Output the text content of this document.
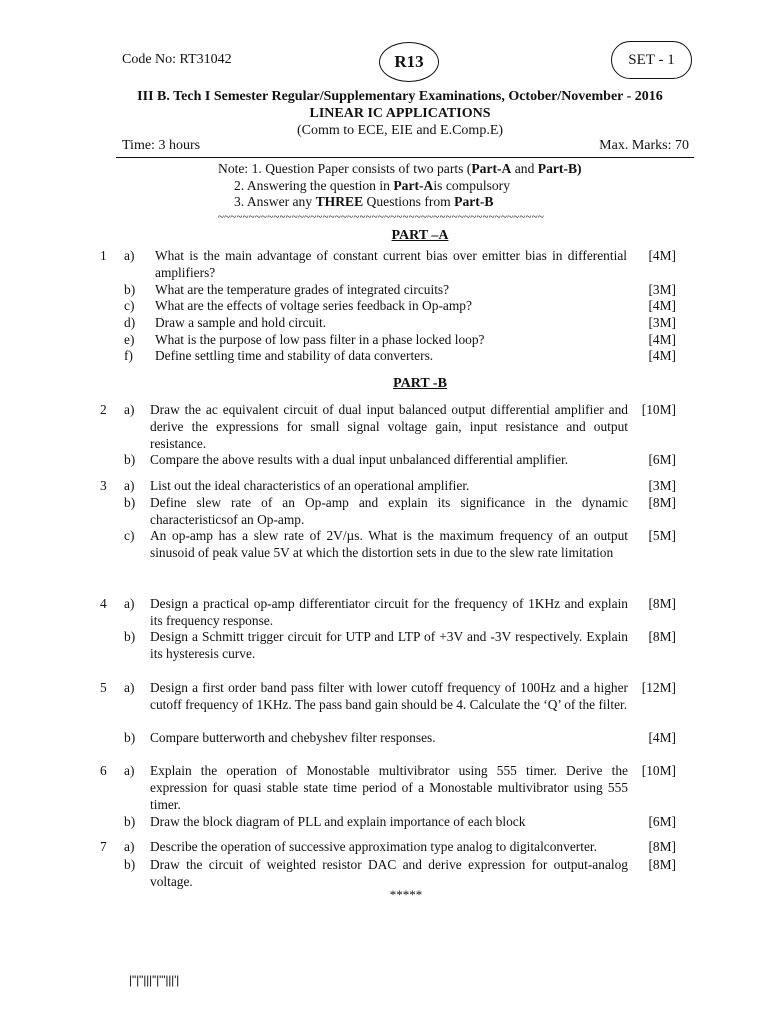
Code No: RT31042	R13	SET - 1
III B. Tech I Semester Regular/Supplementary Examinations, October/November - 2016
LINEAR IC APPLICATIONS
(Comm to ECE, EIE and E.Comp.E)
Time: 3 hours	Max. Marks: 70
Note: 1. Question Paper consists of two parts (Part-A and Part-B)
2. Answering the question in Part-Ais compulsory
3. Answer any THREE Questions from Part-B
~~~~~~~~~~~~~~~~~~~~~~~~~~~~~~~~~~~~~~~~~~~~~~~~~~~~~
PART –A
1 a) What is the main advantage of constant current bias over emitter bias in differential amplifiers?
[4M]
b) What are the temperature grades of integrated circuits?	[3M]
c) What are the effects of voltage series feedback in Op-amp?	[4M]
d) Draw a sample and hold circuit.	[3M]
e) What is the purpose of low pass filter in a phase locked loop?	[4M]
f) Define settling time and stability of data converters.	[4M]
PART -B
2 a) Draw the ac equivalent circuit of dual input balanced output differential amplifier and derive the expressions for small signal voltage gain, input resistance and output resistance.
[10M]
b) Compare the above results with a dual input unbalanced differential amplifier.	[6M]
3 a) List out the ideal characteristics of an operational amplifier.	[3M]
b) Define slew rate of an Op-amp and explain its significance in the dynamic characteristicsof an Op-amp.
[8M]
c) An op-amp has a slew rate of 2V/µs. What is the maximum frequency of an output sinusoid of peak value 5V at which the distortion sets in due to the slew rate limitation
[5M]
4 a) Design a practical op-amp differentiator circuit for the frequency of 1KHz and explain its frequency response.
[8M]
b) Design a Schmitt trigger circuit for UTP and LTP of +3V and -3V respectively. Explain its hysteresis curve.
[8M]
5 a) Design a first order band pass filter with lower cutoff frequency of 100Hz and a higher cutoff frequency of 1KHz. The pass band gain should be 4. Calculate the ‘Q’ of the filter.
[12M]
b) Compare butterworth and chebyshev filter responses.	[4M]
6 a) Explain the operation of Monostable multivibrator using 555 timer. Derive the expression for quasi stable state time period of a Monostable multivibrator using 555 timer.
[10M]
b) Draw the block diagram of PLL and explain importance of each block	[6M]
7 a) Describe the operation of successive approximation type analog to digitalconverter.	[8M]
b) Draw the circuit of weighted resistor DAC and derive expression for output-analog voltage.
[8M]
*****
|''|''|||''|'''|||'|
